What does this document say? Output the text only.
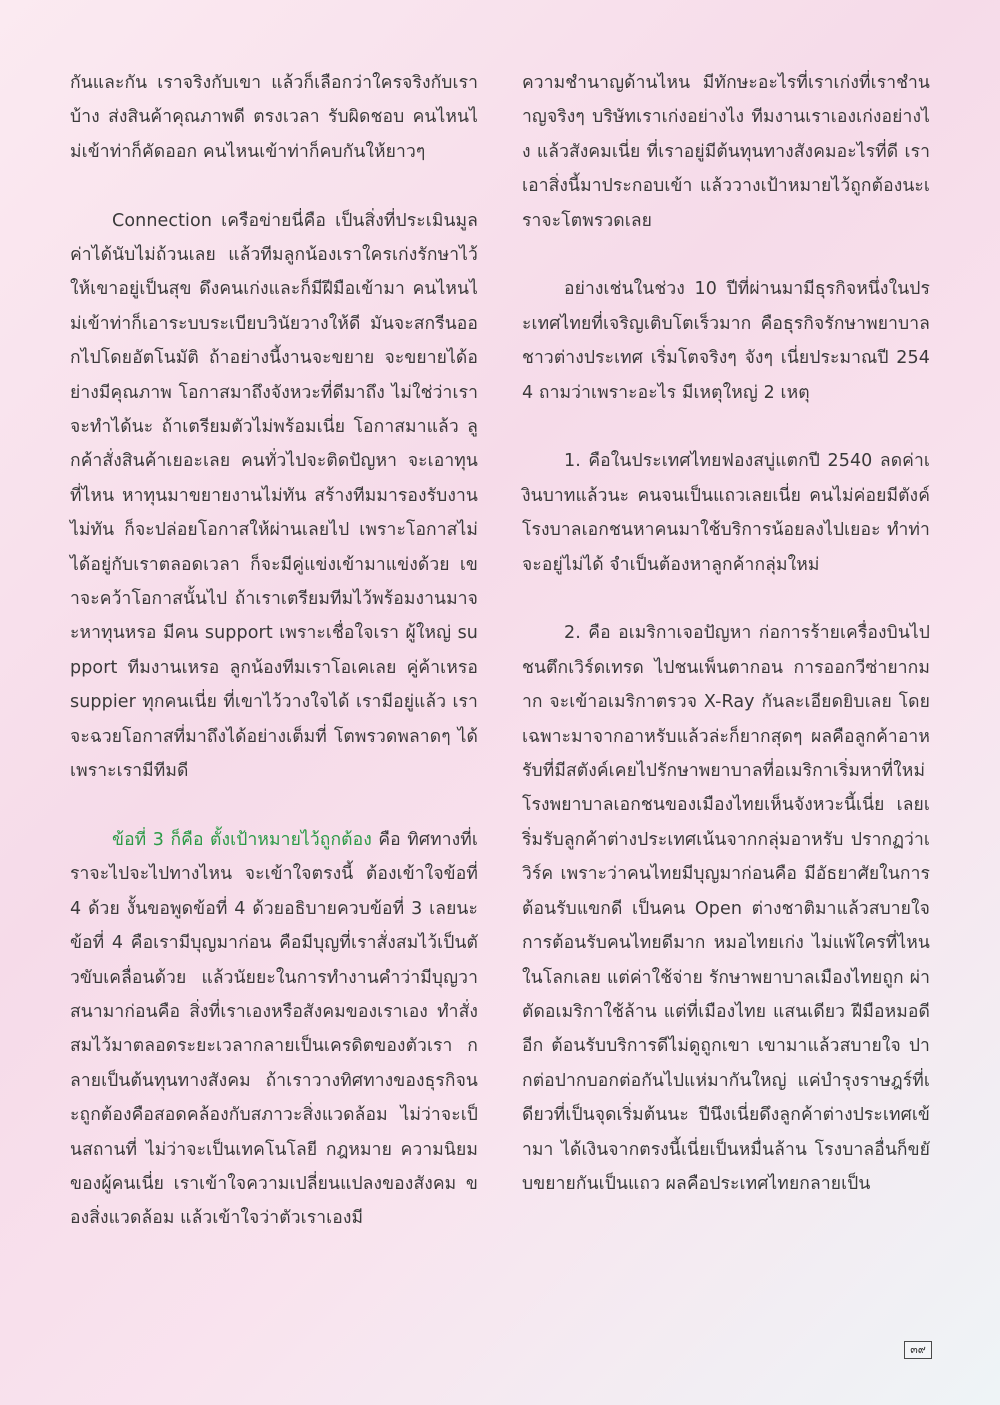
กันและกัน เราจริงกับเขา แล้วก็เลือกว่าใครจริงกับเราบ้าง ส่งสินค้าคุณภาพดี ตรงเวลา รับผิดชอบ คนไหนไม่เข้าท่าก็คัดออก คนไหนเข้าท่าก็คบกันให้ยาวๆ

Connection เครือข่ายนี่คือ เป็นสิ่งที่ประเมินมูลค่าได้นับไม่ถ้วนเลย แล้วทีมลูกน้องเราใครเก่งรักษาไว้ให้เขาอยู่เป็นสุข ดึงคนเก่งและก็มีฝีมือเข้ามา คนไหนไม่เข้าท่าก็เอาระบบระเบียบวินัยวางให้ดี มันจะสกรีนออกไปโดยอัตโนมัติ ถ้าอย่างนี้งานจะขยาย จะขยายได้อย่างมีคุณภาพ โอกาสมาถึงจังหวะที่ดีมาถึง ไม่ใช่ว่าเราจะทำได้นะ ถ้าเตรียมตัวไม่พร้อมเนี่ย โอกาสมาแล้ว ลูกค้าสั่งสินค้าเยอะเลย คนทั่วไปจะติดปัญหา จะเอาทุนที่ไหน หาทุนมาขยายงานไม่ทัน สร้างทีมมารองรับงานไม่ทัน ก็จะปล่อยโอกาสให้ผ่านเลยไป เพราะโอกาสไม่ได้อยู่กับเราตลอดเวลา ก็จะมีคู่แข่งเข้ามาแข่งด้วย เขาจะคว้าโอกาสนั้นไป ถ้าเราเตรียมทีมไว้พร้อมงานมาจะหาทุนหรอ มีคน support เพราะเชื่อใจเรา ผู้ใหญ่ support ทีมงานเหรอ ลูกน้องทีมเราโอเคเลย คู่ค้าเหรอ suppier ทุกคนเนี่ย ที่เขาไว้วางใจได้ เรามีอยู่แล้ว เราจะฉวยโอกาสที่มาถึงได้อย่างเต็มที่ โตพรวดพลาดๆ ได้ เพราะเรามีทีมดี

ข้อที่ 3 ก็คือ ตั้งเป้าหมายไว้ถูกต้อง คือ ทิศทางที่เราจะไปจะไปทางไหน จะเข้าใจตรงนี้ ต้องเข้าใจข้อที่ 4 ด้วย งั้นขอพูดข้อที่ 4 ด้วยอธิบายควบข้อที่ 3 เลยนะ ข้อที่ 4 คือเรามีบุญมาก่อน คือมีบุญที่เราสั่งสมไว้เป็นตัวขับเคลื่อนด้วย แล้วนัยยะในการทำงานคำว่ามีบุญวาสนามาก่อนคือ สิ่งที่เราเองหรือสังคมของเราเอง ทำสั่งสมไว้มาตลอดระยะเวลากลายเป็นเครดิตของตัวเรา กลายเป็นต้นทุนทางสังคม ถ้าเราวางทิศทางของธุรกิจนะถูกต้องคือสอดคล้องกับสภาวะสิ่งแวดล้อม ไม่ว่าจะเป็นสถานที่ ไม่ว่าจะเป็นเทคโนโลยี กฎหมาย ความนิยมของผู้คนเนี่ย เราเข้าใจความเปลี่ยนแปลงของสังคม ของสิ่งแวดล้อม แล้วเข้าใจว่าตัวเราเองมี

ความชำนาญด้านไหน มีทักษะอะไรที่เราเก่งที่เราชำนาญจริงๆ บริษัทเราเก่งอย่างไง ทีมงานเราเองเก่งอย่างไง แล้วสังคมเนี่ย ที่เราอยู่มีต้นทุนทางสังคมอะไรที่ดี เราเอาสิ่งนี้มาประกอบเข้า แล้ววางเป้าหมายไว้ถูกต้องนะเราจะโตพรวดเลย

อย่างเช่นในช่วง 10 ปีที่ผ่านมามีธุรกิจหนึ่งในประเทศไทยที่เจริญเติบโตเร็วมาก คือธุรกิจรักษาพยาบาล ชาวต่างประเทศ เริ่มโตจริงๆ จังๆ เนี่ยประมาณปี 2544 ถามว่าเพราะอะไร มีเหตุใหญ่ 2 เหตุ

1. คือในประเทศไทยฟองสบู่แตกปี 2540 ลดค่าเงินบาทแล้วนะ คนจนเป็นแถวเลยเนี่ย คนไม่ค่อยมีตังค์ โรงบาลเอกชนหาคนมาใช้บริการน้อยลงไปเยอะ ทำท่าจะอยู่ไม่ได้ จำเป็นต้องหาลูกค้ากลุ่มใหม่

2. คือ อเมริกาเจอปัญหา ก่อการร้ายเครื่องบินไปชนตึกเวิร์ดเทรด ไปชนเพ็นตากอน การออกวีซ่ายากมาก จะเข้าอเมริกาตรวจ X-Ray กันละเอียดยิบเลย โดยเฉพาะมาจากอาหรับแล้วล่ะก็ยากสุดๆ ผลคือลูกค้าอาหรับที่มีสตังค์เคยไปรักษาพยาบาลที่อเมริกาเริ่มหาที่ใหม่ โรงพยาบาลเอกชนของเมืองไทยเห็นจังหวะนี้เนี่ย เลยเริ่มรับลูกค้าต่างประเทศเน้นจากกลุ่มอาหรับ ปรากฏว่าเวิร์ค เพราะว่าคนไทยมีบุญมาก่อนคือ มีอัธยาศัยในการต้อนรับแขกดี เป็นคน Open ต่างชาติมาแล้วสบายใจ การต้อนรับคนไทยดีมาก หมอไทยเก่ง ไม่แพ้ใครที่ไหนในโลกเลย แต่ค่าใช้จ่าย รักษาพยาบาลเมืองไทยถูก ผ่าตัดอเมริกาใช้ล้าน แต่ที่เมืองไทย แสนเดียว ฝีมือหมอดีอีก ต้อนรับบริการดีไม่ดูถูกเขา เขามาแล้วสบายใจ ปากต่อปากบอกต่อกันไปแห่มากันใหญ่ แค่บำรุงราษฎร์ที่เดียวที่เป็นจุดเริ่มต้นนะ ปีนึงเนี่ยดึงลูกค้าต่างประเทศเข้ามา ได้เงินจากตรงนี้เนี่ยเป็นหมื่นล้าน โรงบาลอื่นก็ขยับขยายกันเป็นแถว ผลคือประเทศไทยกลายเป็น

๓๙
